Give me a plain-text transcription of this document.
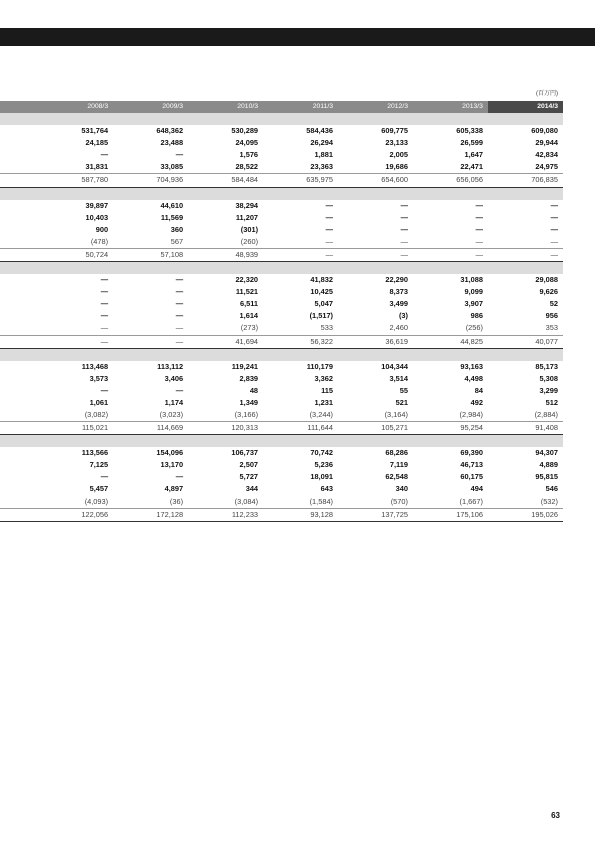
(百万円)
	2008/3	2009/3	2010/3	2011/3	2012/3	2013/3	2014/3

	531,764	648,362	530,289	584,436	609,775	605,338	609,080
	24,185	23,488	24,095	26,294	23,133	26,599	29,944
	—	—	1,576	1,881	2,005	1,647	42,834
	31,831	33,085	28,522	23,363	19,686	22,471	24,975
	587,780	704,936	584,484	635,975	654,600	656,056	706,835

	39,897	44,610	38,294	—	—	—	—
	10,403	11,569	11,207	—	—	—	—
	900	360	(301)	—	—	—	—
	(478)	567	(260)	—	—	—	—
	50,724	57,108	48,939	—	—	—	—

	—	—	22,320	41,832	22,290	31,088	29,088
	—	—	11,521	10,425	8,373	9,099	9,626
	—	—	6,511	5,047	3,499	3,907	52
	—	—	1,614	(1,517)	(3)	986	956
	—	—	(273)	533	2,460	(256)	353
	—	—	41,694	56,322	36,619	44,825	40,077

	113,468	113,112	119,241	110,179	104,344	93,163	85,173
	3,573	3,406	2,839	3,362	3,514	4,498	5,308
	—	—	48	115	55	84	3,299
	1,061	1,174	1,349	1,231	521	492	512
	(3,082)	(3,023)	(3,166)	(3,244)	(3,164)	(2,984)	(2,884)
	115,021	114,669	120,313	111,644	105,271	95,254	91,408

	113,566	154,096	106,737	70,742	68,286	69,390	94,307
	7,125	13,170	2,507	5,236	7,119	46,713	4,889
	—	—	5,727	18,091	62,548	60,175	95,815
	5,457	4,897	344	643	340	494	546
	(4,093)	(36)	(3,084)	(1,584)	(570)	(1,667)	(532)
	122,056	172,128	112,233	93,128	137,725	175,106	195,026
63
